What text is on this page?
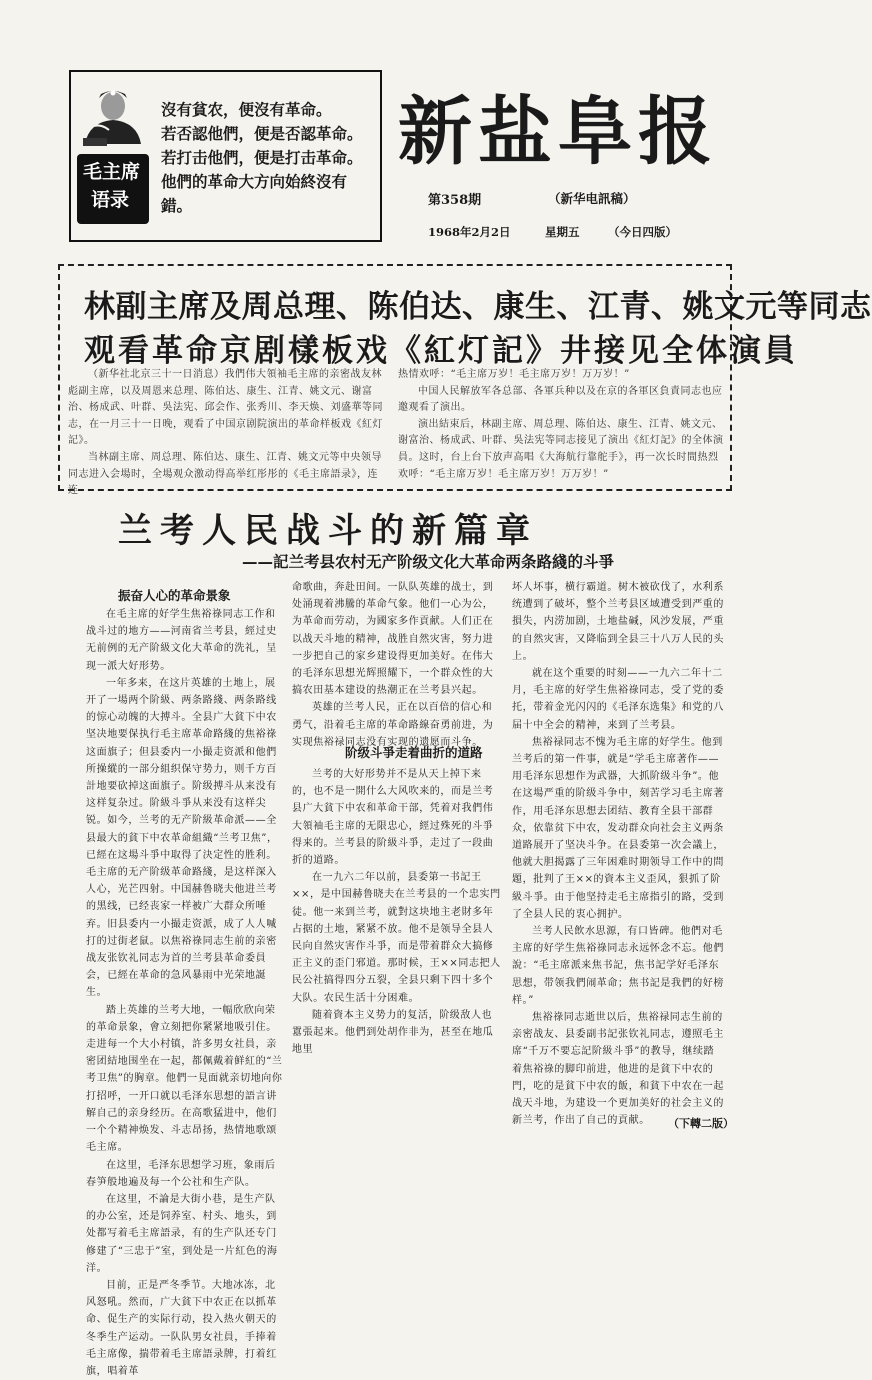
毛主席
语录
沒有貧农，便沒有革命。
若否認他們，便是否認革命。
若打击他們，便是打击革命。
他們的革命大方向始終沒有
錯。
新盐阜报
第358期	（新华电訊稿）
1968年2月2日	星期五 （今日四版）
林副主席及周总理、陈伯达、康生、江青、姚文元等同志
观看革命京剧樣板戏《紅灯記》井接见全体演員

（新华社北京三十一日消息）我們伟大領袖毛主席的亲密战友林彪副主席，以及周恩来总理、陈伯达、康生、江青、姚文元、谢富治、杨成武、叶群、吳法宪、邱会作、张秀川、李天焕、刘盛華等同志，在一月三十一日晚，观看了中国京剧院演出的革命样板戏《紅灯記》。

当林副主席、周总理、陈伯达、康生、江青、姚文元等中央领导同志进入会場时，全場观众激动得高举红彤彤的《毛主席語录》，连连

热情欢呼：“毛主席万岁！毛主席万岁！万万岁！”

中国人民解放军各总部、各軍兵种以及在京的各軍区負責同志也应邀观看了演出。

演出結束后，林副主席、周总理、陈伯达、康生、江青、姚文元、谢富治、杨成武、叶群、吳法宪等同志接见了演出《紅灯記》的全体演員。这时，台上台下放声高唱《大海航行靠舵手》，再一次长时間热烈欢呼：“毛主席万岁！毛主席万岁！万万岁！”

兰考人民战斗的新篇章
——記兰考县农村无产阶级文化大革命两条路綫的斗爭
振奋人心的革命景象

在毛主席的好学生焦裕祿同志工作和战斗过的地方——河南省兰考县，經过史无前例的无产阶級文化大革命的洗礼，呈现一派大好形势。

一年多来，在这片英雄的土地上，展开了一場两个阶級、两条路綫、两条路线的惊心动魄的大搏斗。全县广大貧下中农坚决地要保执行毛主席革命路綫的焦裕祿这面旗子；但县委内一小撮走资派和他們所操縱的一部分組织保守势力，则千方百計地要砍掉这面旗子。阶级搏斗从来没有这样复杂过。阶級斗爭从来没有这样尖锐。如今，兰考的无产阶級革命派——全县最大的貧下中农革命組織“兰考卫焦”，已經在这場斗爭中取得了決定性的胜利。毛主席的无产阶级革命路綫，是这样深入人心，光芒四射。中国赫鲁晓夫他进兰考的黑线，已经丧家一样被广大群众所唾弃。旧县委内一小撮走资派，成了人人喊打的过街老鼠。以焦裕祿同志生前的亲密战友张钦礼同志为首的兰考县革命委員会，已經在革命的急风暴雨中光荣地誕生。

踏上英雄的兰考大地，一幅欣欣向荣的革命景象，會立刻把你紧紧地吸引住。走进每一个大小村镇，許多男女社員，亲密团結地围坐在一起，都佩戴着鲜紅的“兰考卫焦”的胸章。他們一見面就亲切地向你打招呼，一开口就以毛泽东思想的語言讲解自己的亲身经历。在高歌猛进中，他们一个个精神焕发、斗志昂扬，热情地歌颂毛主席。

在这里，毛泽东思想学习班，象雨后春笋般地遍及每一个公社和生产队。

在这里，不論是大街小巷，是生产队的办公室，还是饲养室、村头、地头，到处都写着毛主席語录，有的生产队还专门修建了“三忠于”室，到处是一片紅色的海洋。

目前，正是严冬季节。大地冰冻，北风怒吼。然而，广大貧下中农正在以抓革命、促生产的实际行动，投入热火朝天的冬季生产运动。一队队男女社員，手捧着毛主席像，揣带着毛主席語录牌，打着红旗，唱着革

命歌曲，奔赴田间。一队队英雄的战士，到处涌现着沸騰的革命气象。他们一心为公，为革命而劳动，为國家多作貢献。人们正在以战天斗地的精神，战胜自然灾害，努力进一步把自己的家乡建设得更加美好。在伟大的毛泽东思想光辉照耀下，一个群众性的大搞农田基本建设的热潮正在兰考县兴起。

英雄的兰考人民，正在以百倍的信心和勇气，沿着毛主席的革命路線奋勇前进，为实现焦裕禄同志没有实现的遗愿而斗争。

阶级斗爭走着曲折的道路

兰考的大好形势并不是从天上掉下来的，也不是一開什么大风吹来的，而是兰考县广大貧下中农和革命干部，凭着对我們伟大領袖毛主席的无限忠心，經过殊死的斗爭得来的。兰考县的阶級斗爭，走过了一段曲折的道路。

在一九六二年以前，县委第一书記王××，是中国赫鲁晓夫在兰考县的一个忠实門徒。他一来到兰考，就對这块地主老財多年占据的土地，紧紧不放。他不是领导全县人民向自然灾害作斗爭，而是带着群众大搞修正主义的歪门邪道。那时候，王××同志把人民公社搞得四分五裂，全县只剩下四十多个大队。农民生活十分困难。

随着資本主义势力的复活，阶级敌人也囂張起来。他們到处胡作非为，甚至在地瓜地里

坏人坏事，横行霸道。树木被砍伐了，水利系统遭到了破坏，整个兰考县区域遭受到严重的損失，内涝加剧，土地盐碱，风沙发展，严重的自然灾害，又降临到全县三十八万人民的头上。

就在这个重要的时刻——一九六二年十二月，毛主席的好学生焦裕祿同志，受了党的委托，带着金光闪闪的《毛泽东选集》和党的八届十中全会的精神，来到了兰考县。

焦裕禄同志不愧为毛主席的好学生。他到兰考后的第一件事，就是“学毛主席著作——用毛泽东思想作为武器，大抓阶级斗争”。他在这場严重的阶级斗争中，刻苦学习毛主席著作，用毛泽东思想去团结、教育全县干部群众，依靠贫下中农，发动群众向社会主义两条道路展开了坚决斗争。在县委第一次会議上，他就大胆揭露了三年困难时期领导工作中的問題，批判了王××的資本主义歪风，狠抓了阶級斗爭。由于他坚持走毛主席指引的路，受到了全县人民的衷心拥护。

兰考人民飲水思源，有口皆碑。他們对毛主席的好学生焦裕祿同志永远怀念不忘。他們說：“毛主席派来焦书記，焦书記学好毛泽东思想，带领我們闹革命；焦书記是我們的好榜样。”

焦裕祿同志逝世以后，焦裕禄同志生前的亲密战友、县委副书記张钦礼同志，遵照毛主席“千万不要忘記阶級斗爭”的教导，继续踏着焦裕祿的脚印前进，他进的是貧下中农的門，吃的是貧下中农的飯，和貧下中农在一起战天斗地，为建设一个更加美好的社会主义的新兰考，作出了自己的貢献。	（下轉二版）
